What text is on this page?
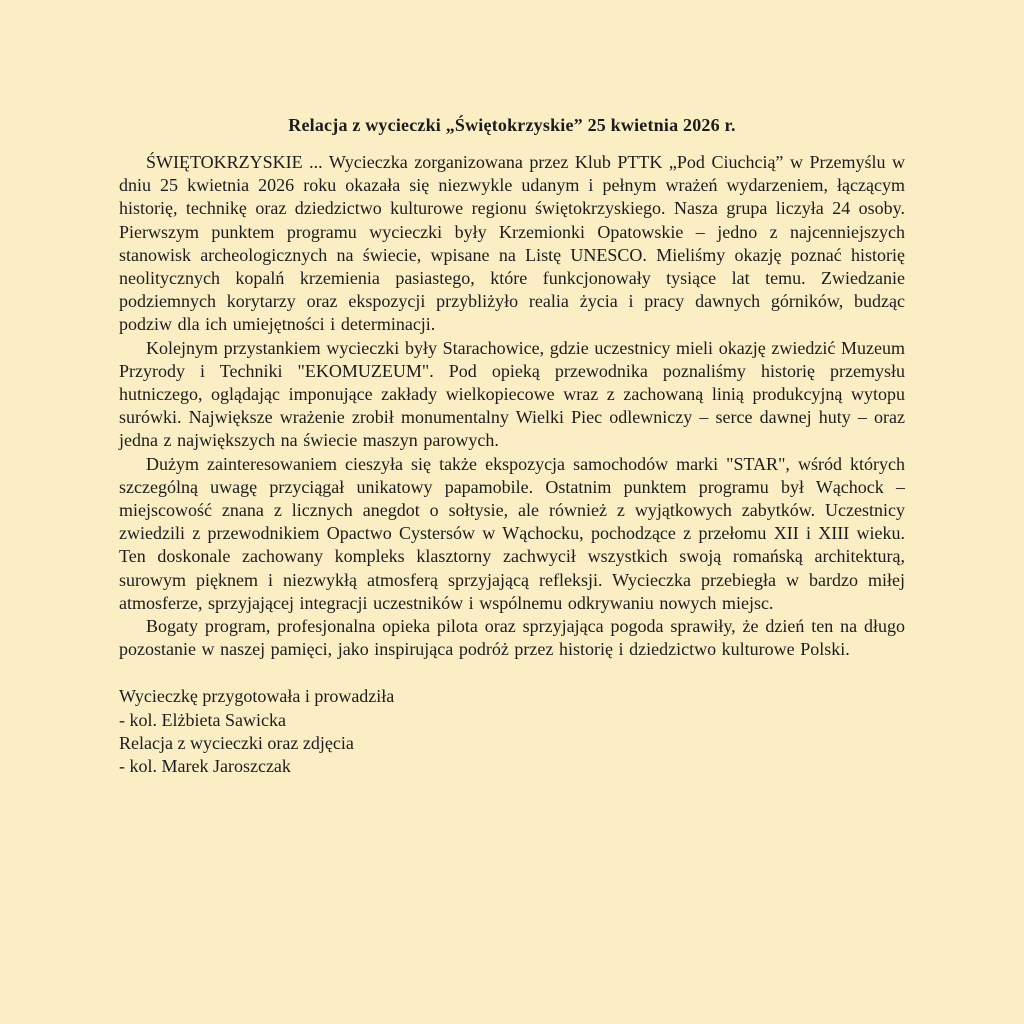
Relacja z wycieczki „Świętokrzyskie” 25 kwietnia 2026 r.

ŚWIĘTOKRZYSKIE ... Wycieczka zorganizowana przez Klub PTTK „Pod Ciuchcią” w Przemyślu w dniu 25 kwietnia 2026 roku okazała się niezwykle udanym i pełnym wrażeń wydarzeniem, łączącym historię, technikę oraz dziedzictwo kulturowe regionu świętokrzyskiego. Nasza grupa liczyła 24 osoby. Pierwszym punktem programu wycieczki były Krzemionki Opatowskie – jedno z najcenniejszych stanowisk archeologicznych na świecie, wpisane na Listę UNESCO. Mieliśmy okazję poznać historię neolitycznych kopalń krzemienia pasiastego, które funkcjonowały tysiące lat temu. Zwiedzanie podziemnych korytarzy oraz ekspozycji przybliżyło realia życia i pracy dawnych górników, budząc podziw dla ich umiejętności i determinacji.

Kolejnym przystankiem wycieczki były Starachowice, gdzie uczestnicy mieli okazję zwiedzić Muzeum Przyrody i Techniki "EKOMUZEUM". Pod opieką przewodnika poznaliśmy historię przemysłu hutniczego, oglądając imponujące zakłady wielkopiecowe wraz z zachowaną linią produkcyjną wytopu surówki. Największe wrażenie zrobił monumentalny Wielki Piec odlewniczy – serce dawnej huty – oraz jedna z największych na świecie maszyn parowych.

Dużym zainteresowaniem cieszyła się także ekspozycja samochodów marki "STAR", wśród których szczególną uwagę przyciągał unikatowy papamobile. Ostatnim punktem programu był Wąchock – miejscowość znana z licznych anegdot o sołtysie, ale również z wyjątkowych zabytków. Uczestnicy zwiedzili z przewodnikiem Opactwo Cystersów w Wąchocku, pochodzące z przełomu XII i XIII wieku. Ten doskonale zachowany kompleks klasztorny zachwycił wszystkich swoją romańską architekturą, surowym pięknem i niezwykłą atmosferą sprzyjającą refleksji. Wycieczka przebiegła w bardzo miłej atmosferze, sprzyjającej integracji uczestników i wspólnemu odkrywaniu nowych miejsc.

Bogaty program, profesjonalna opieka pilota oraz sprzyjająca pogoda sprawiły, że dzień ten na długo pozostanie w naszej pamięci, jako inspirująca podróż przez historię i dziedzictwo kulturowe Polski.

Wycieczkę przygotowała i prowadziła

- kol. Elżbieta Sawicka

Relacja z wycieczki oraz zdjęcia

- kol. Marek Jaroszczak
